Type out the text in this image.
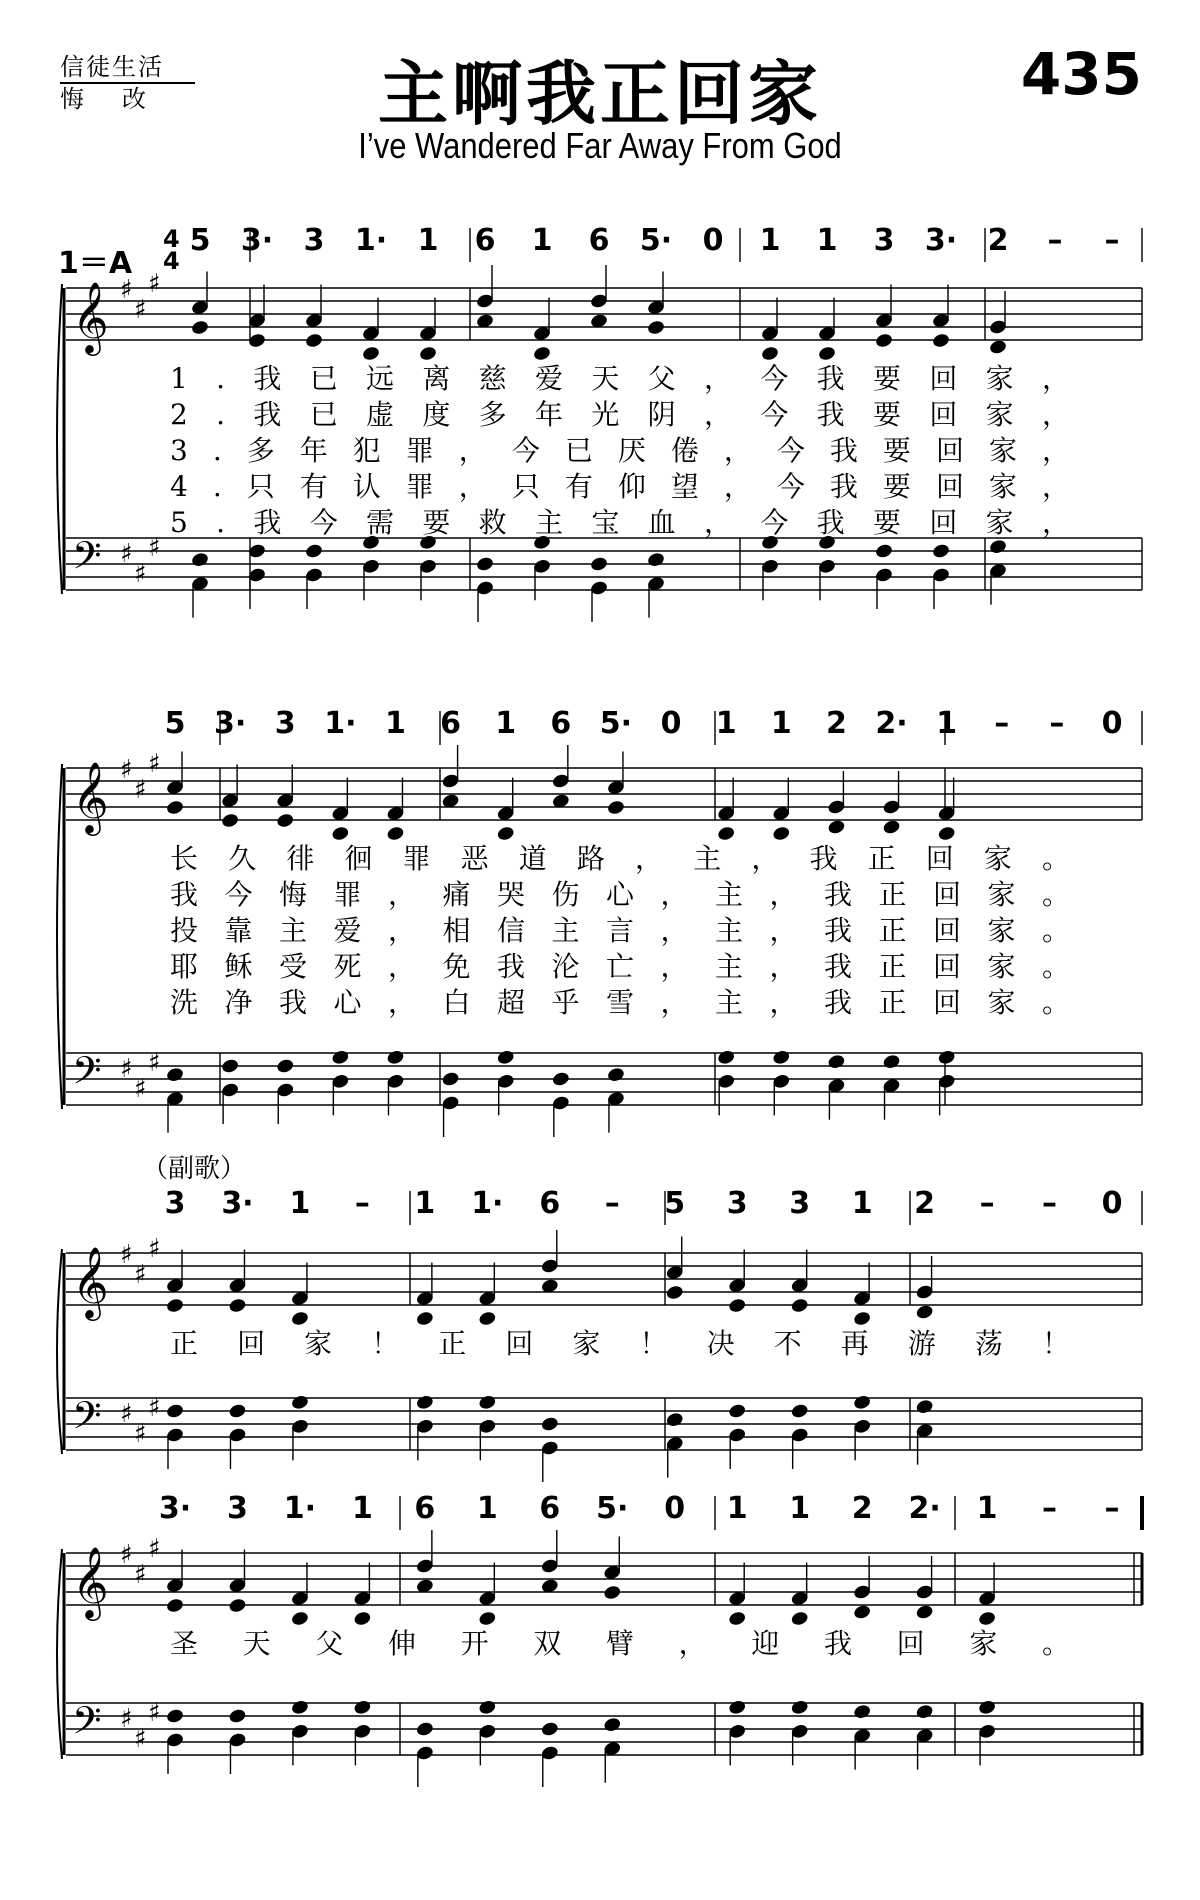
信徒生活
悔改	主啊我正回家	435
I’ve Wandered Far Away From God
1＝A
4
4
（副歌）
𝄞 ♯
♯
♯
𝄢 ♯
♯
♯
5 3· 3 1· 1 6 1 6 5· 0 1 1 3 3· 2 – –
1.我已远离慈爱天父，今我要回家，
2.我已虚度多年光阴，今我要回家，
3.多年犯罪，今已厌倦，今我要回家，
4.只有认罪，只有仰望，今我要回家，
5.我今需要救主宝血，今我要回家，
𝄞 ♯
♯
♯
𝄢 ♯
♯
♯
5 3· 3 1· 1 6 1 6 5· 0 1 1 2 2· 1 – – 0
长久徘徊罪恶道路，主，我正回家。
我今悔罪，痛哭伤心，主，我正回家。
投靠主爱，相信主言，主，我正回家。
耶稣受死，免我沦亡，主，我正回家。
洗净我心，白超乎雪，主，我正回家。
𝄞 ♯
♯
♯
𝄢 ♯
♯
♯
3 3· 1 – 1 1· 6 – 5 3 3 1 2 – – 0
正回家！正回家！决不再游荡！
𝄞 ♯
♯
♯
𝄢 ♯
♯
♯
3· 3 1· 1 6 1 6 5· 0 1 1 2 2· 1 – –
圣天父伸开双臂，迎我回家。
